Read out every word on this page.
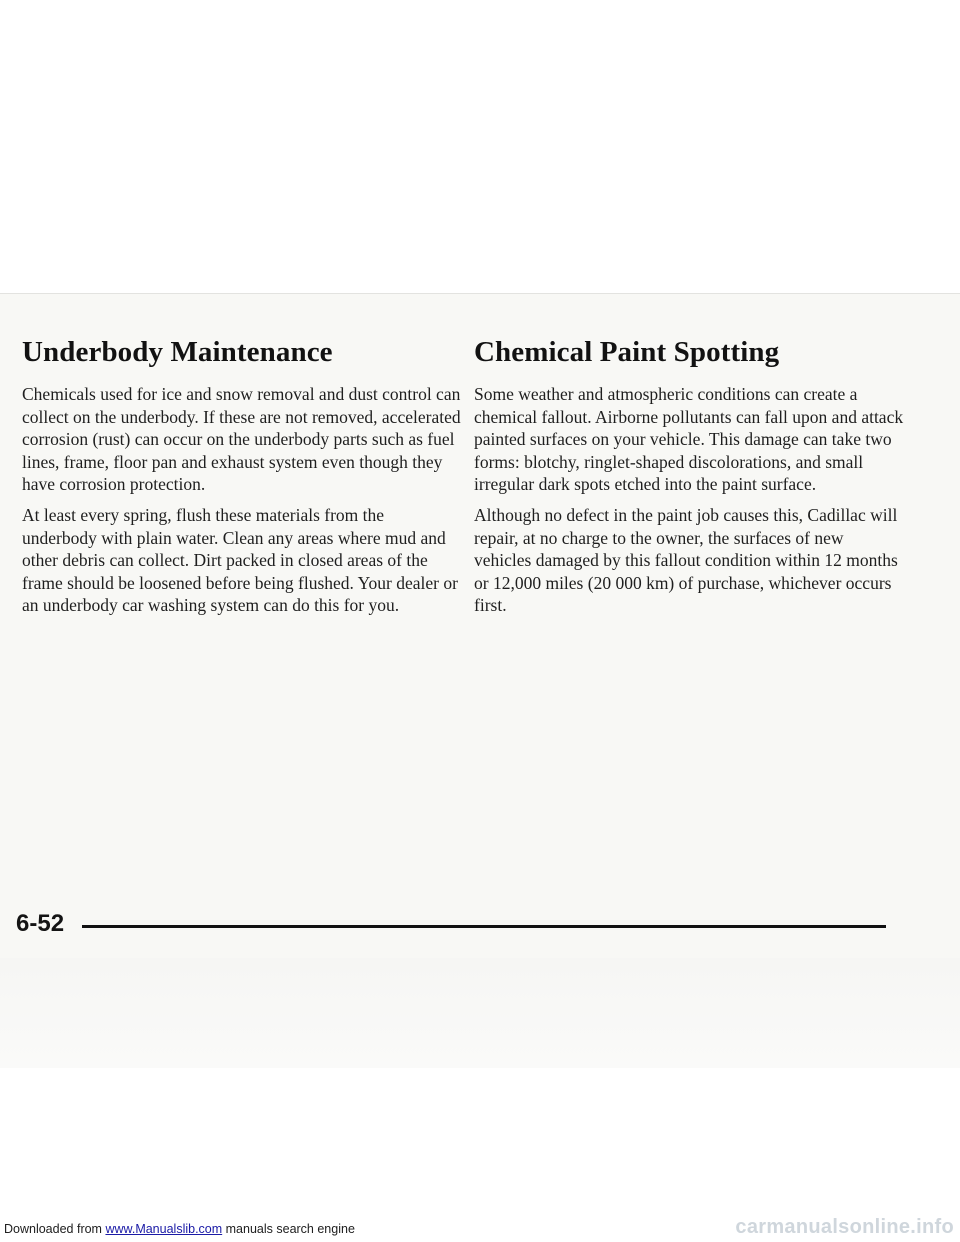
Underbody Maintenance

Chemicals used for ice and snow removal and dust control can collect on the underbody. If these are not removed, accelerated corrosion (rust) can occur on the underbody parts such as fuel lines, frame, floor pan and exhaust system even though they have corrosion protection.

At least every spring, flush these materials from the underbody with plain water. Clean any areas where mud and other debris can collect. Dirt packed in closed areas of the frame should be loosened before being flushed. Your dealer or an underbody car washing system can do this for you.

Chemical Paint Spotting

Some weather and atmospheric conditions can create a chemical fallout. Airborne pollutants can fall upon and attack painted surfaces on your vehicle. This damage can take two forms: blotchy, ringlet-shaped discolorations, and small irregular dark spots etched into the paint surface.

Although no defect in the paint job causes this, Cadillac will repair, at no charge to the owner, the surfaces of new vehicles damaged by this fallout condition within 12 months or 12,000 miles (20 000 km) of purchase, whichever occurs first.

6-52
Downloaded from www.Manualslib.com manuals search engine	carmanualsonline.info
